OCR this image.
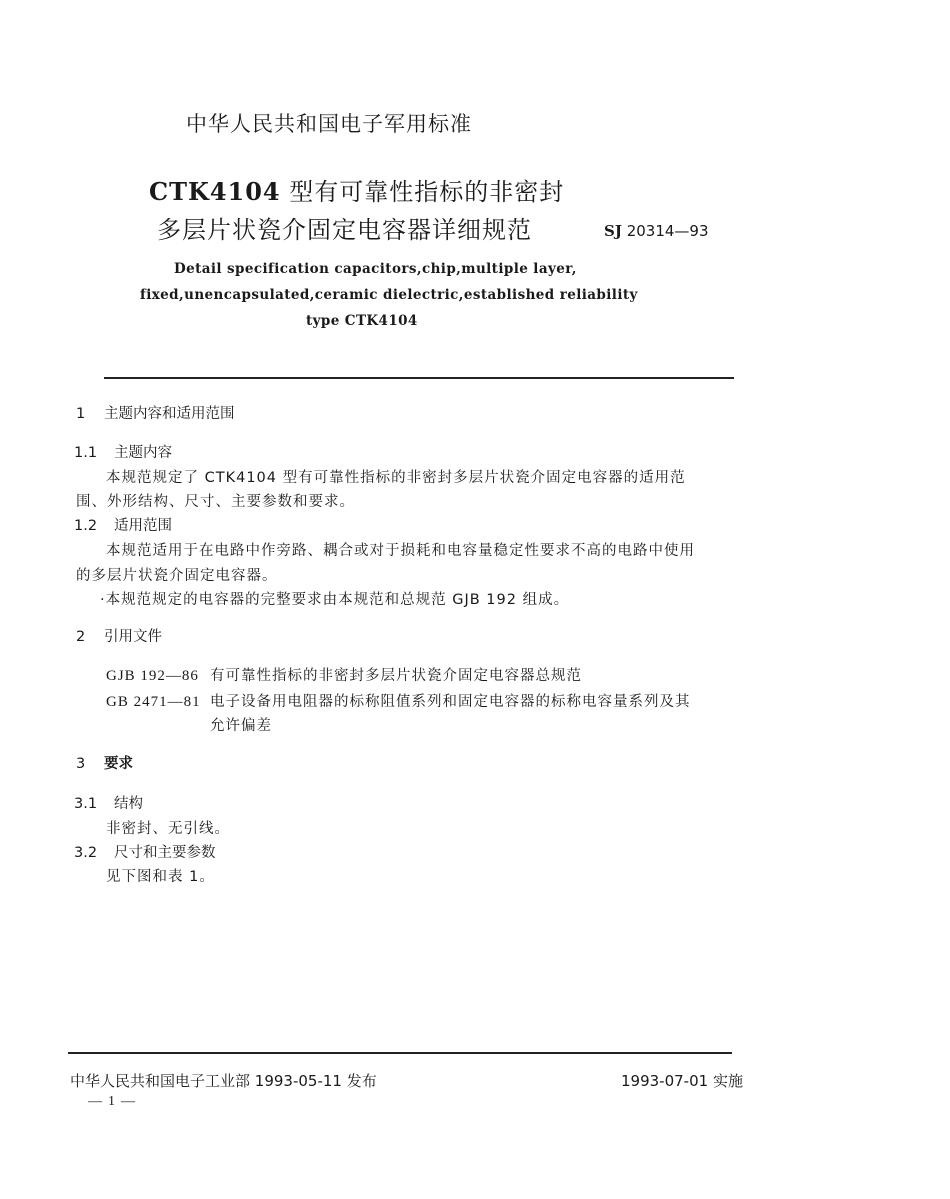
中华人民共和国电子军用标准
CTK4104 型有可靠性指标的非密封
多层片状瓷介固定电容器详细规范	SJ 20314—93
Detail specification capacitors,chip,multiple layer,
fixed,unencapsulated,ceramic dielectric,established reliability
type CTK4104
1 主题内容和适用范围
1.1 主题内容
本规范规定了 CTK4104 型有可靠性指标的非密封多层片状瓷介固定电容器的适用范
围、外形结构、尺寸、主要参数和要求。
1.2 适用范围
本规范适用于在电路中作旁路、耦合或对于损耗和电容量稳定性要求不高的电路中使用
的多层片状瓷介固定电容器。
·本规范规定的电容器的完整要求由本规范和总规范 GJB 192 组成。
2 引用文件
GJB 192—86 有可靠性指标的非密封多层片状瓷介固定电容器总规范
GB 2471—81 电子设备用电阻器的标称阻值系列和固定电容器的标称电容量系列及其
允许偏差
3 要求
3.1 结构
非密封、无引线。
3.2 尺寸和主要参数
见下图和表 1。
中华人民共和国电子工业部 1993-05-11 发布	1993-07-01 实施
—1—
